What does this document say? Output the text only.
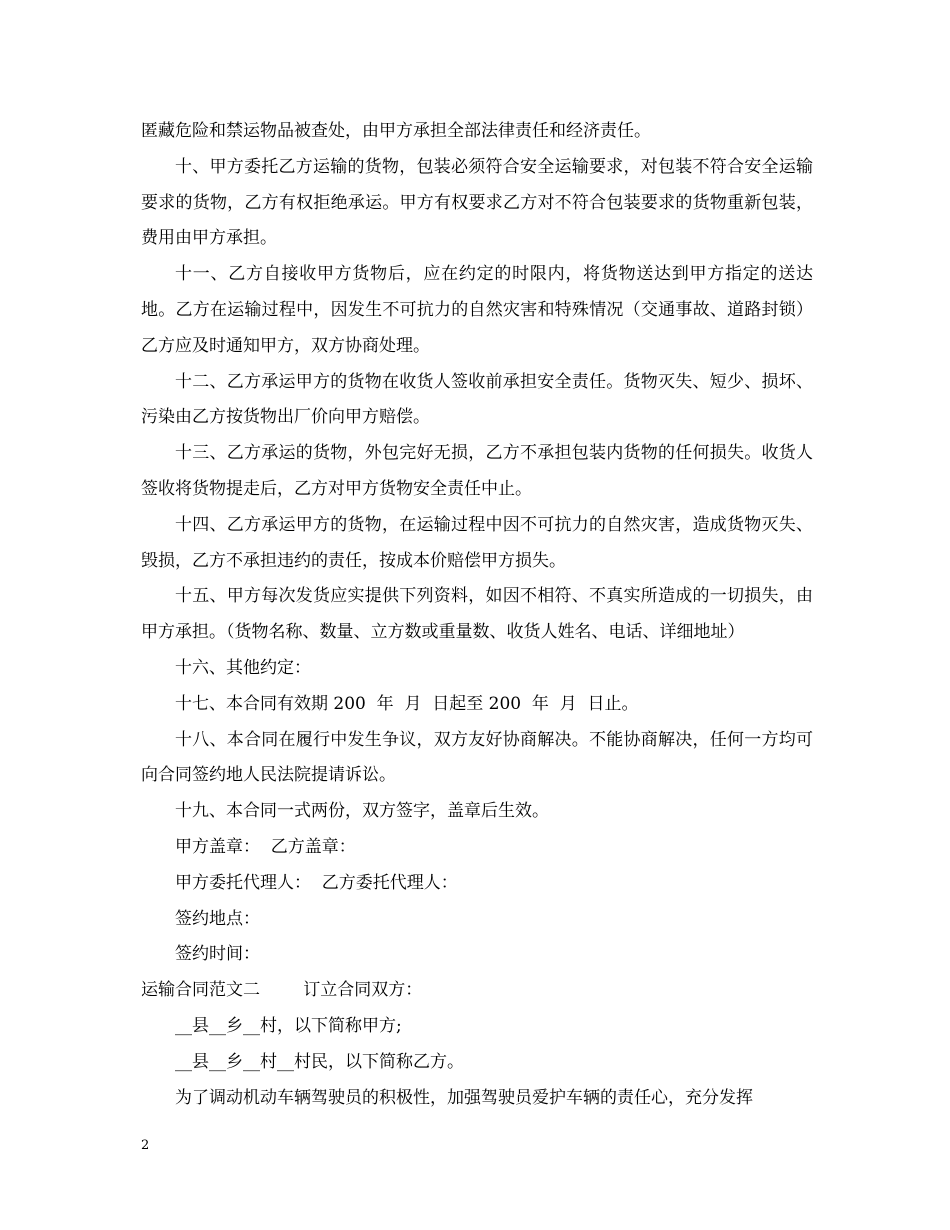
匿藏危险和禁运物品被查处，由甲方承担全部法律责任和经济责任。

十、甲方委托乙方运输的货物，包装必须符合安全运输要求，对包装不符合安全运输要求的货物，乙方有权拒绝承运。甲方有权要求乙方对不符合包装要求的货物重新包装，费用由甲方承担。

十一、乙方自接收甲方货物后，应在约定的时限内，将货物送达到甲方指定的送达地。乙方在运输过程中，因发生不可抗力的自然灾害和特殊情况（交通事故、道路封锁）乙方应及时通知甲方，双方协商处理。

十二、乙方承运甲方的货物在收货人签收前承担安全责任。货物灭失、短少、损坏、污染由乙方按货物出厂价向甲方赔偿。

十三、乙方承运的货物，外包完好无损，乙方不承担包装内货物的任何损失。收货人签收将货物提走后，乙方对甲方货物安全责任中止。

十四、乙方承运甲方的货物，在运输过程中因不可抗力的自然灾害，造成货物灭失、毁损，乙方不承担违约的责任，按成本价赔偿甲方损失。

十五、甲方每次发货应实提供下列资料，如因不相符、不真实所造成的一切损失，由甲方承担。（货物名称、数量、立方数或重量数、收货人姓名、电话、详细地址）

十六、其他约定：

十七、本合同有效期 200  年  月  日起至 200  年  月  日止。

十八、本合同在履行中发生争议，双方友好协商解决。不能协商解决，任何一方均可向合同签约地人民法院提请诉讼。

十九、本合同一式两份，双方签字，盖章后生效。

甲方盖章：  乙方盖章：

甲方委托代理人：  乙方委托代理人：

签约地点：

签约时间：

运输合同范文二        订立合同双方：

__县__乡__村，以下简称甲方;

__县__乡__村__村民，以下简称乙方。

为了调动机动车辆驾驶员的积极性，加强驾驶员爱护车辆的责任心，充分发挥

2
